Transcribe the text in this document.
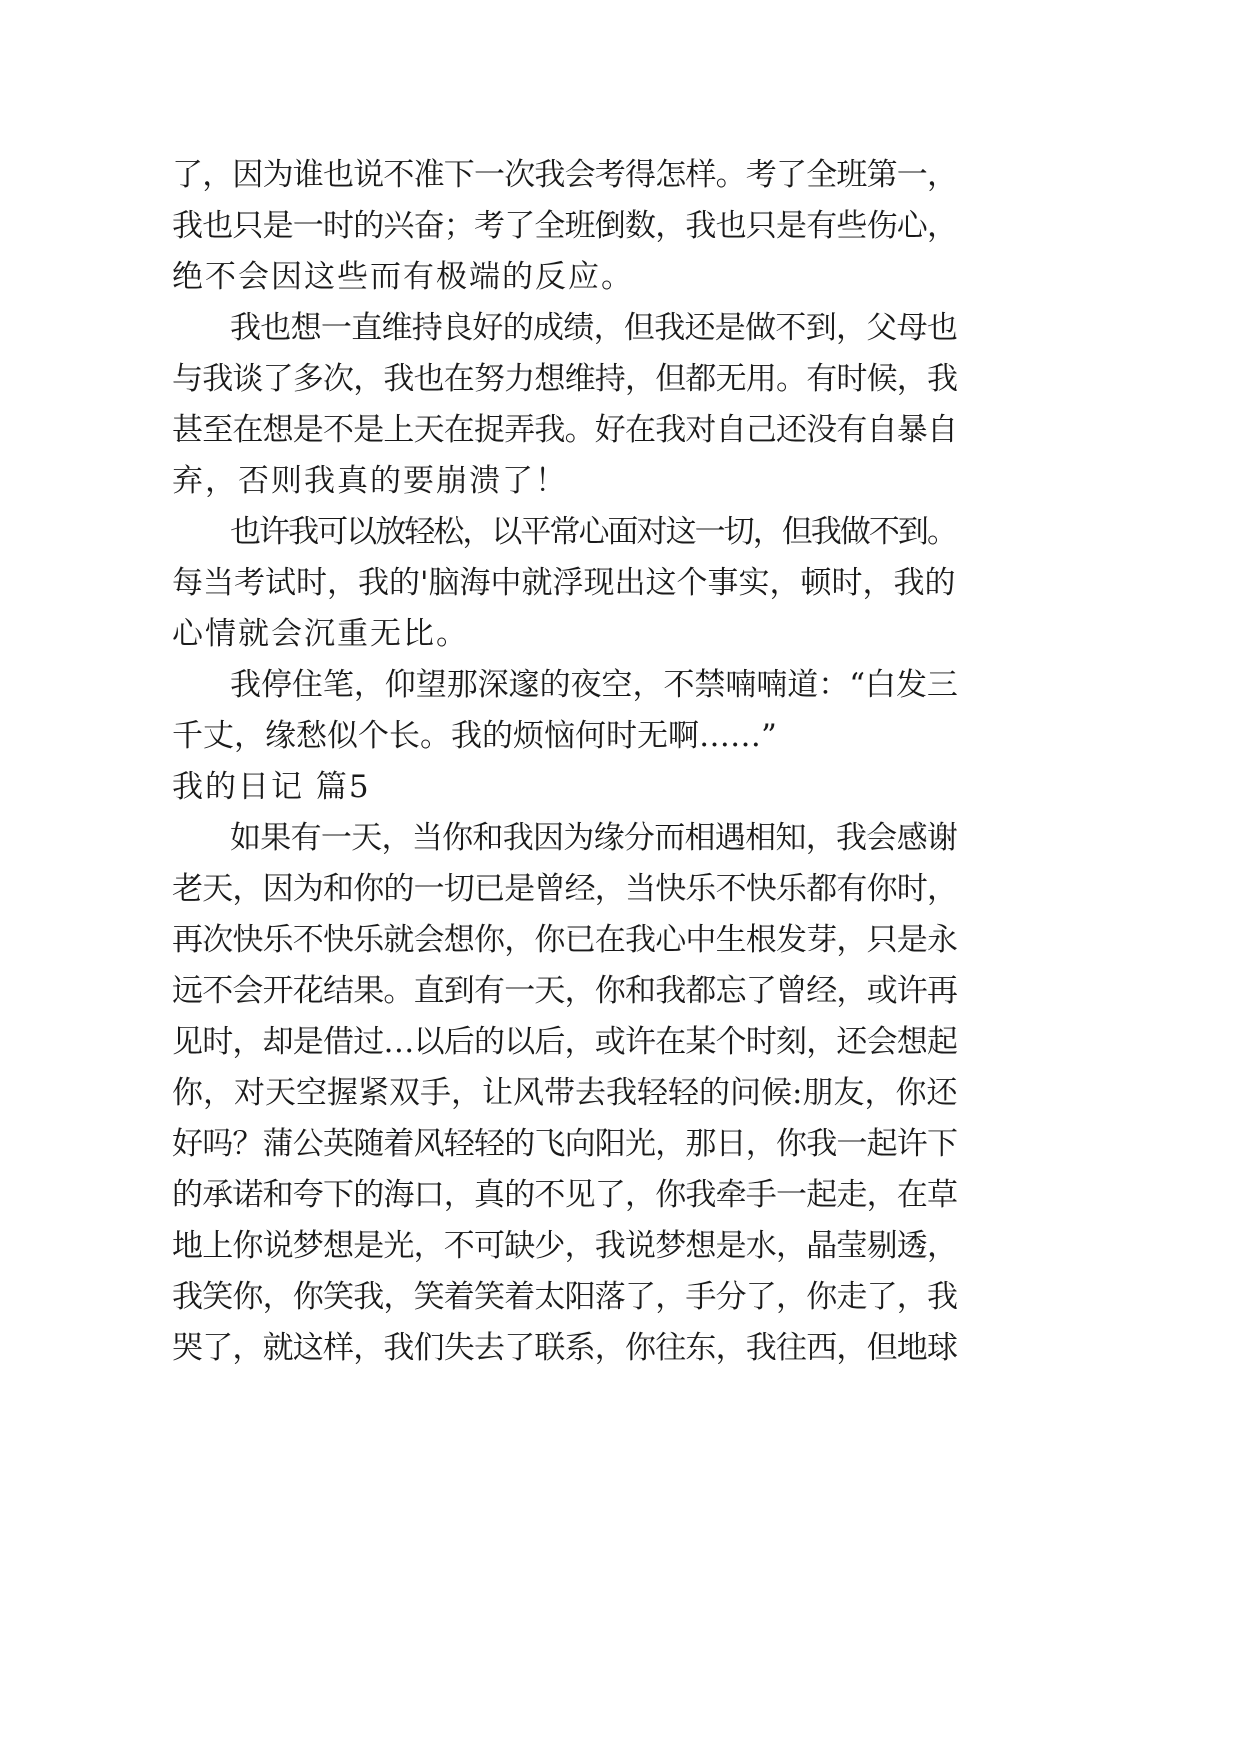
了，因为谁也说不准下一次我会考得怎样。考了全班第一，
我也只是一时的兴奋；考了全班倒数，我也只是有些伤心，
绝不会因这些而有极端的反应。
我也想一直维持良好的成绩，但我还是做不到，父母也
与我谈了多次，我也在努力想维持，但都无用。有时候，我
甚至在想是不是上天在捉弄我。好在我对自己还没有自暴自
弃，否则我真的要崩溃了！
也许我可以放轻松，以平常心面对这一切，但我做不到。
每当考试时，我的'脑海中就浮现出这个事实，顿时，我的
心情就会沉重无比。
我停住笔，仰望那深邃的夜空，不禁喃喃道：“白发三
千丈，缘愁似个长。我的烦恼何时无啊……”
我的日记 篇5
如果有一天，当你和我因为缘分而相遇相知，我会感谢
老天，因为和你的一切已是曾经，当快乐不快乐都有你时，
再次快乐不快乐就会想你，你已在我心中生根发芽，只是永
远不会开花结果。直到有一天，你和我都忘了曾经，或许再
见时，却是借过…以后的以后，或许在某个时刻，还会想起
你，对天空握紧双手，让风带去我轻轻的问候:朋友，你还
好吗？蒲公英随着风轻轻的飞向阳光，那日，你我一起许下
的承诺和夸下的海口，真的不见了，你我牵手一起走，在草
地上你说梦想是光，不可缺少，我说梦想是水，晶莹剔透，
我笑你，你笑我，笑着笑着太阳落了，手分了，你走了，我
哭了，就这样，我们失去了联系，你往东，我往西，但地球
